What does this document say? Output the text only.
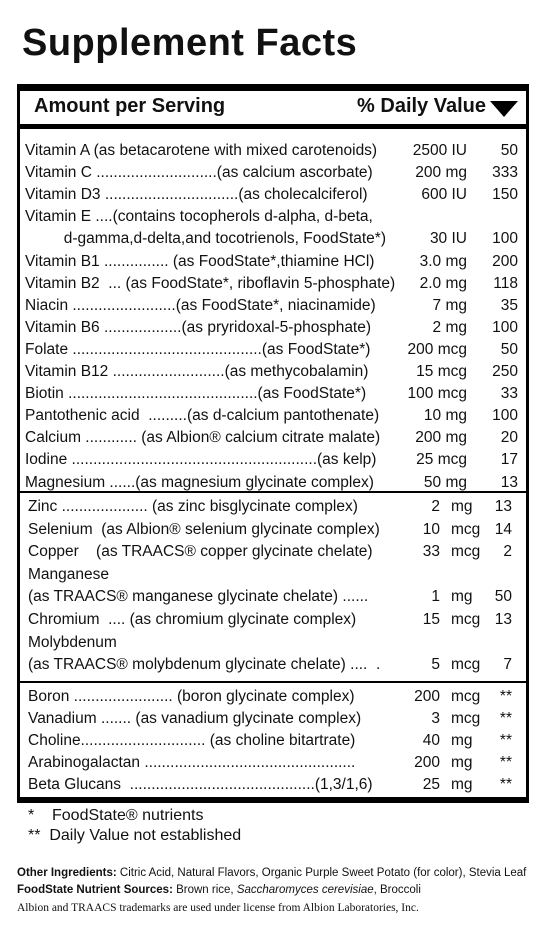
Supplement Facts
Amount per Serving	% Daily Value
Vitamin A (as betacarotene with mixed carotenoids) 2500 IU 50
Vitamin C ............................(as calcium ascorbate)	200 mg 333
Vitamin D3 ...............................(as cholecalciferol)	600 IU 150
Vitamin E ....(contains tocopherols d-alpha, d-beta,
d-gamma,d-delta,and tocotrienols, FoodState*)	30 IU 100
Vitamin B1 ............... (as FoodState*,thiamine HCl)	3.0 mg 200
Vitamin B2  ... (as FoodState*, riboflavin 5-phosphate) 2.0 mg 118
Niacin ........................(as FoodState*, niacinamide)	7 mg 35
Vitamin B6 ..................(as pryridoxal-5-phosphate)	2 mg 100
Folate ............................................(as FoodState*) 200 mcg 50
Vitamin B12 ..........................(as methycobalamin)	15 mcg 250
Biotin ............................................(as FoodState*)	100 mcg 33
Pantothenic acid  .........(as d-calcium pantothenate)	10 mg 100
Calcium ............ (as Albion® calcium citrate malate) 200 mg 20
Iodine .........................................................(as kelp)	25 mcg 17
Magnesium ......(as magnesium glycinate complex)	50 mg 13
Zinc .................... (as zinc bisglycinate complex)	2 mg 13
Selenium  (as Albion® selenium glycinate complex)	10 mcg 14
Copper    (as TRAACS® copper glycinate chelate)	33 mcg 2
Manganese
(as TRAACS® manganese glycinate chelate) ......	1 mg 50
Chromium  .... (as chromium glycinate complex)	15 mcg 13
Molybdenum
(as TRAACS® molybdenum glycinate chelate) ....  .	5 mcg 7
Boron ....................... (boron glycinate complex)	200 mcg **
Vanadium ....... (as vanadium glycinate complex)	3 mcg **
Choline............................. (as choline bitartrate)	40 mg **
Arabinogalactan .................................................	200 mg **
Beta Glucans  ...........................................(1,3/1,6)	25 mg **
*    FoodState® nutrients
**  Daily Value not established
Other Ingredients: Citric Acid, Natural Flavors, Organic Purple Sweet Potato (for color), Stevia Leaf
FoodState Nutrient Sources: Brown rice, Saccharomyces cerevisiae, Broccoli
Albion and TRAACS trademarks are used under license from Albion Laboratories, Inc.
